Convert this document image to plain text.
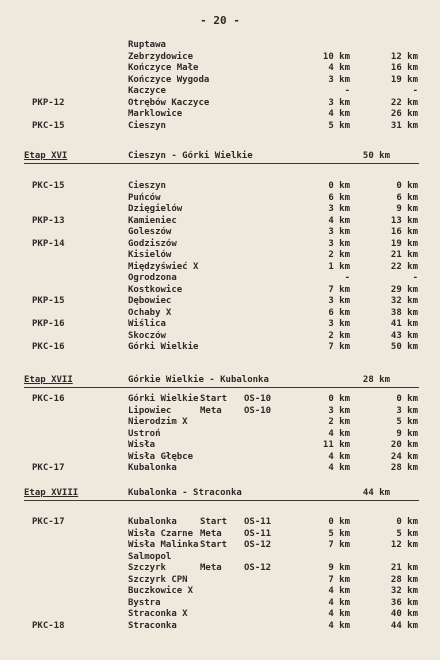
- 20 -
Ruptawa
Zebrzydowice	10 km	12 km
Kończyce Małe	4 km	16 km
Kończyce Wygoda	3 km	19 km
Kaczyce	-	-
PKP-12	Otrębów Kaczyce	3 km	22 km
Marklowice	4 km	26 km
PKC-15	Cieszyn	5 km	31 km
Etap XVI	Cieszyn - Górki Wielkie	50 km
PKC-15	Cieszyn	0 km	0 km
Puńców	6 km	6 km
Dzięgielów	3 km	9 km
PKP-13	Kamieniec	4 km	13 km
Goleszów	3 km	16 km
PKP-14	Godziszów	3 km	19 km
Kisielów	2 km	21 km
Międzyświeć X	1 km	22 km
Ogrodzona	-	-
Kostkowice	7 km	29 km
PKP-15	Dębowiec	3 km	32 km
Ochaby X	6 km	38 km
PKP-16	Wiślica	3 km	41 km
Skoczów	2 km	43 km
PKC-16	Górki Wielkie	7 km	50 km
Etap XVII	Górkie Wielkie - Kubalonka	28 km
PKC-16	Górki Wielkie Start OS-10	0 km	0 km
Lipowiec	Meta OS-10	3 km	3 km
Nierodzim X	2 km	5 km
Ustroń	4 km	9 km
Wisła	11 km	20 km
Wisła Głębce	4 km	24 km
PKC-17	Kubalonka	4 km	28 km
Etap XVIII	Kubalonka - Straconka	44 km
PKC-17	Kubalonka	Start OS-11	0 km	0 km
Wisła Czarne Meta OS-11	5 km	5 km
Wisła Malinka Start OS-12	7 km	12 km
Salmopol
Szczyrk	Meta OS-12	9 km	21 km
Szczyrk CPN	7 km	28 km
Buczkowice X	4 km	32 km
Bystra	4 km	36 km
Straconka X	4 km	40 km
PKC-18	Straconka	4 km	44 km
